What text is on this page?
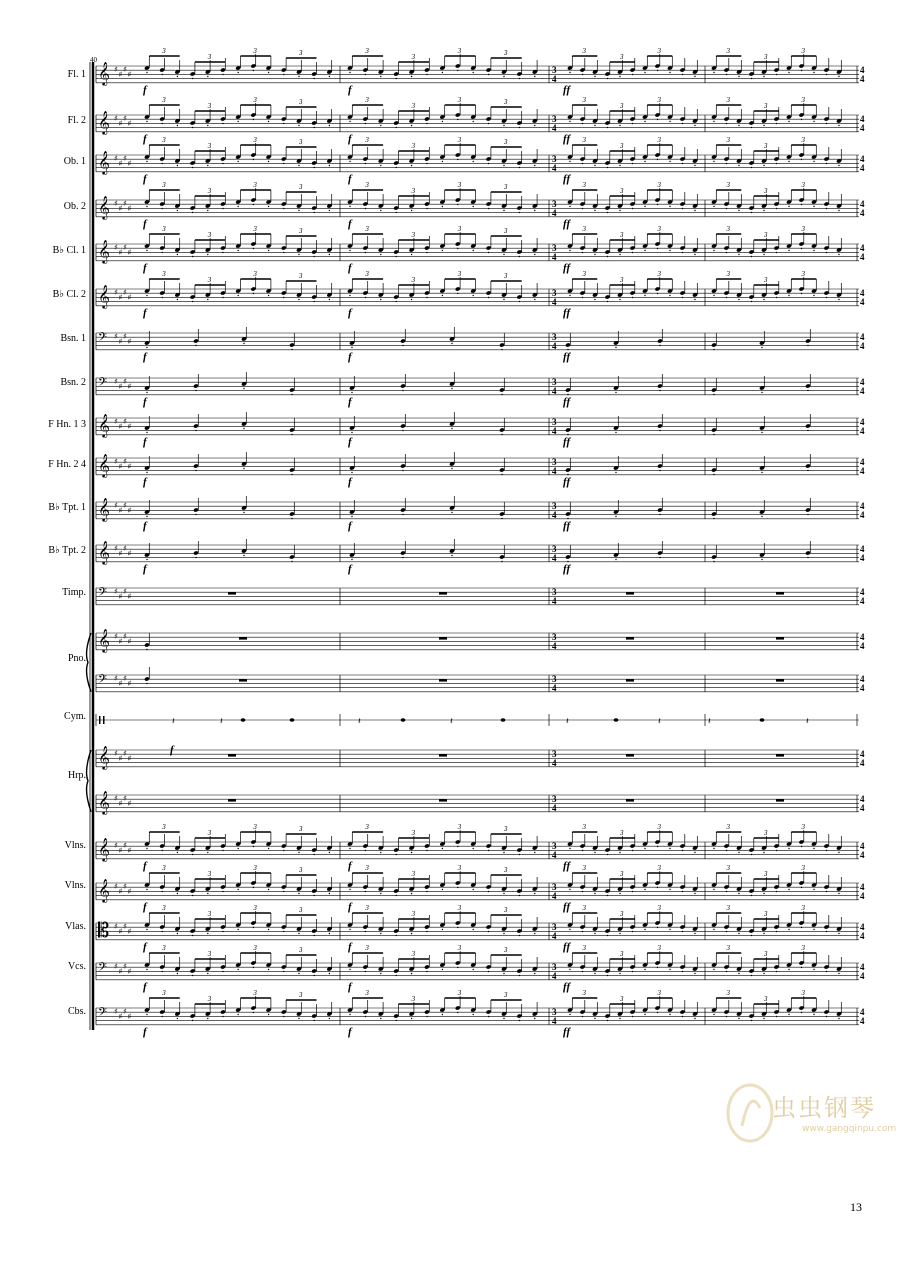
𝄞 ♯
♯
♯
♯	3
4
4
4
𝄞 ♯
♯
♯
♯	3
4
4
4
𝄞 ♯
♯
♯
♯	3
4
4
4
𝄞 ♯
♯
♯
♯	3
4
4
4
𝄞 ♯
♯
♯
♯	3
4
4
4
𝄞 ♯
♯
♯
♯	3
4
4
4
𝄢 ♯
♯
♯
♯	3
4
4
4
𝄢 ♯
♯
♯
♯	3
4
4
4
𝄞 ♯
♯
♯
♯	3
4
4
4
𝄞 ♯
♯
♯
♯	3
4
4
4
𝄞 ♯
♯
♯
♯	3
4
4
4
𝄞 ♯
♯
♯
♯	3
4
4
4
𝄢 ♯
♯
♯
♯	3
4
4
4
𝄞 ♯
♯
♯
♯	3
4
4
4
𝄢 ♯
♯
♯
♯	3
4
4
4
𝄞 ♯
♯
♯
♯	3
4
4
4
𝄞 ♯
♯
♯
♯	3
4
4
4
𝄞 ♯
♯
♯
♯	3
4
4
4
𝄞 ♯
♯
♯
♯	3
4
4
4
𝄡 ♯
♯
♯
♯	3
4
4
4
𝄢 ♯
♯
♯
♯	3
4
4
4
𝄢 ♯
♯
♯
♯	3
4
4
4
𝄽	𝄽	𝄽	𝄽	𝄽	𝄽	𝄽	𝄽
3
3
3	3	3
3
3	3	3
3
3	3
3
3
3
3
3	3	3
3
3	3	3
3
3	3
3
3
3
3
3	3	3
3
3	3	3
3
3	3
3
3
3
3
3	3	3
3
3	3	3
3
3	3
3
3
3
3
3	3	3
3
3	3	3
3
3	3
3
3
3
3
3	3	3
3
3	3	3
3
3	3
3
3
3
3
3	3	3
3
3	3	3
3
3	3
3
3
3
3
3	3	3
3
3	3	3
3
3	3
3
3
3
3
3	3	3
3
3	3	3
3
3	3
3
3
3
3
3	3	3
3
3	3	3
3
3	3
3
3
3
3
3	3	3
3
3	3	3
3
3	3
3
3
f	f	ff
f	f	ff
f	f	ff
f	f	ff
f	f	ff
f	f	ff
f	f	ff
f	f	ff
f	f	ff
f	f	ff
f	f	ff
f	f	ff
f	f	ff
f	f	ff
f	f	ff
f	f	ff
f	f	ff
f
40
Fl. 1
Fl. 2
Ob. 1
Ob. 2
B♭ Cl. 1
B♭ Cl. 2
Bsn. 1
Bsn. 2
F Hn. 1 3
F Hn. 2 4
B♭ Tpt. 1
B♭ Tpt. 2
Timp.
Pno.
Cym.
Hrp.
Vlns.
Vlns.
Vlas.
Vcs.
Cbs.
虫虫钢琴
www.gangqinpu.com
13
